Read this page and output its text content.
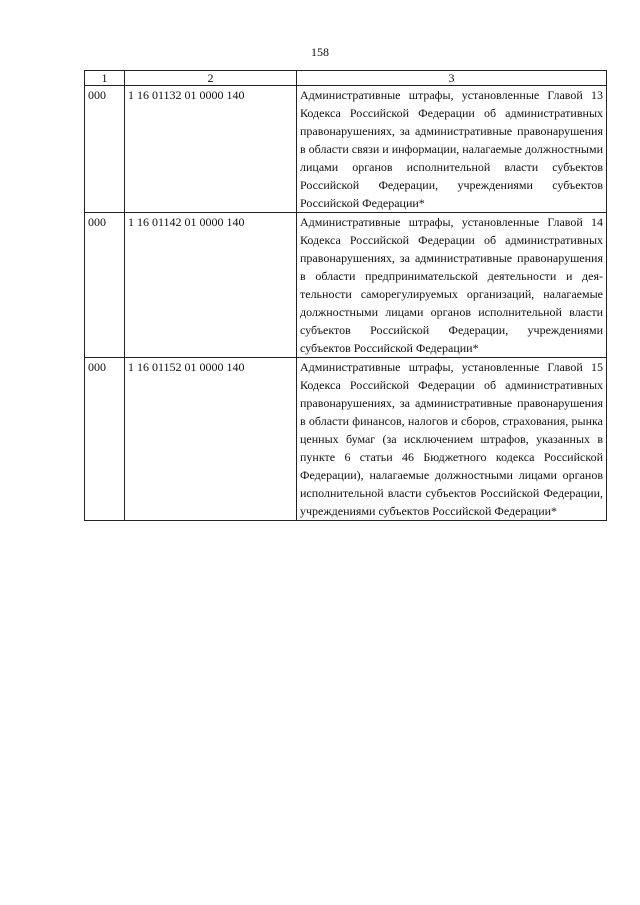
158
1	2	3
000	1 16 01132 01 0000 140	Административные штрафы, установленные Главой 13 Кодекса Российской Федерации об административных правонарушениях, за административные правонарушения в области связи и информации, налагаемые должностными лицами органов исполнительной власти субъектов Российской Федерации, учреждениями субъектов Российской Федерации*
000	1 16 01142 01 0000 140	Административные штрафы, установленные Главой 14 Кодекса Российской Федерации об административных правонарушениях, за административные правонарушения в области предпринимательской деятельности и деятельности саморегулируемых организаций, налагаемые должностными лицами органов исполнительной власти субъектов Российской Федерации, учреждениями субъектов Российской Федерации*
000	1 16 01152 01 0000 140	Административные штрафы, установленные Главой 15 Кодекса Российской Федерации об административных правонарушениях, за административные правонарушения в области финансов, налогов и сборов, страхования, рынка ценных бумаг (за исключением штрафов, указанных в пункте 6 статьи 46 Бюджетного кодекса Российской Федерации), налагаемые должностными лицами органов исполнительной власти субъектов Российской Федерации, учреждениями субъектов Российской Федерации*
